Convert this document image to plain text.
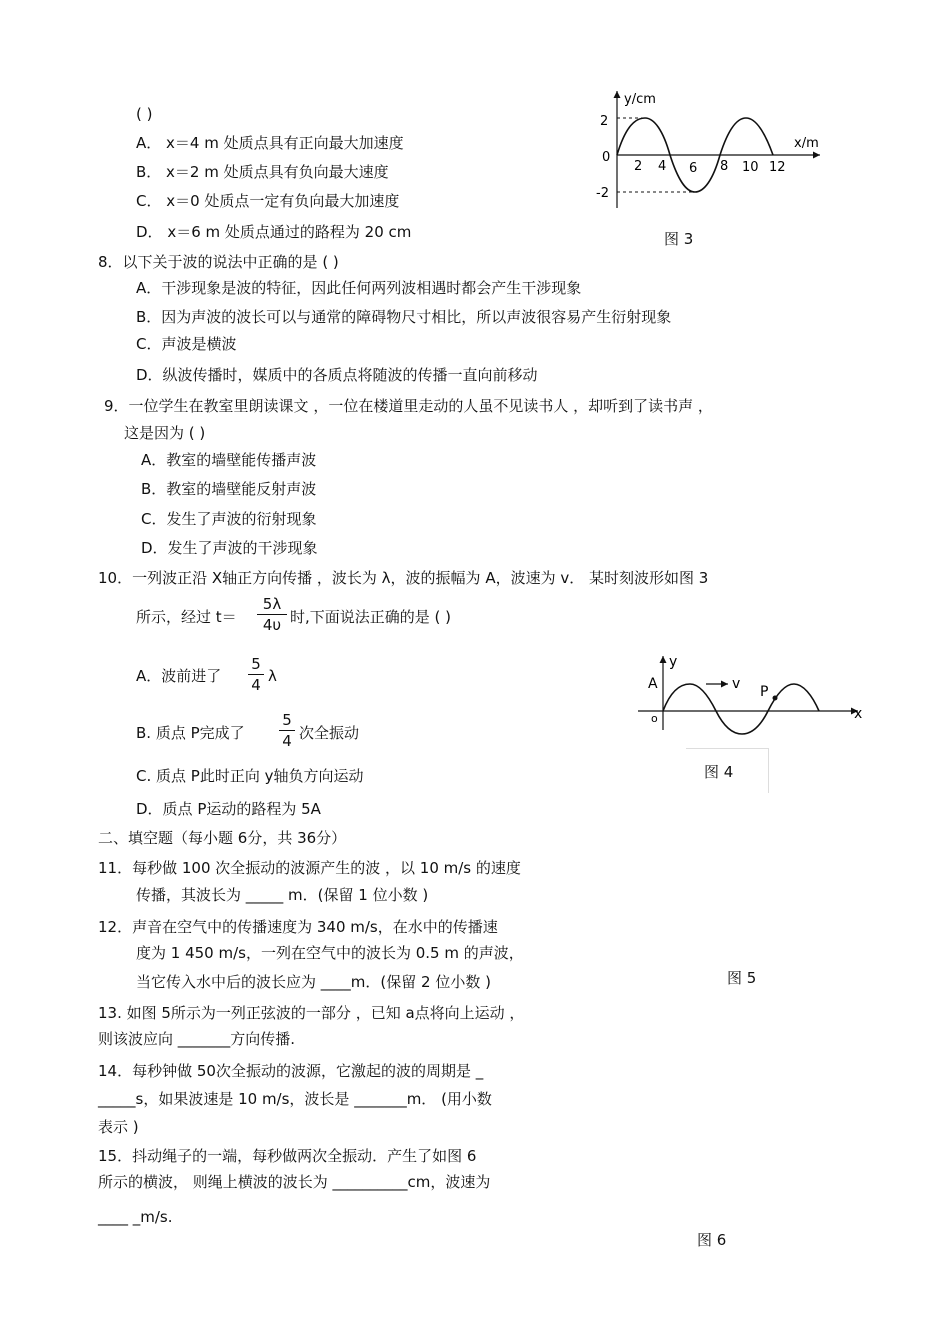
( )
A． x＝4 m 处质点具有正向最大加速度
B． x＝2 m 处质点具有负向最大速度
C． x＝0 处质点一定有负向最大加速度
D． x＝6 m 处质点通过的路程为 20 cm
y/cm
x/m
2
0
-2
2 4 6 8 10 12
图 3
8．以下关于波的说法中正确的是 ( )
A．干涉现象是波的特征，因此任何两列波相遇时都会产生干涉现象
B．因为声波的波长可以与通常的障碍物尺寸相比，所以声波很容易产生衍射现象
C．声波是横波
D．纵波传播时，媒质中的各质点将随波的传播一直向前移动
9．一位学生在教室里朗读课文 ，一位在楼道里走动的人虽不见读书人 ，却听到了读书声 ，
这是因为 ( )
A．教室的墙壁能传播声波
B．教室的墙壁能反射声波
C．发生了声波的衍射现象
D．发生了声波的干涉现象
10．一列波正沿 X轴正方向传播 ，波长为 λ，波的振幅为 A，波速为 v． 某时刻波形如图 3
所示，经过 t＝
5λ
4υ 时,下面说法正确的是 ( )
A．波前进了
5
4 λ
B. 质点 P完成了
5
4 次全振动
C. 质点 P此时正向 y轴负方向运动
D．质点 P运动的路程为 5A
y
x
A
o
v P
图 4
二、填空题（每小题 6分，共 36分）
11．每秒做 100 次全振动的波源产生的波 ，以 10 m/s 的速度
传播，其波长为 _____ m．(保留 1 位小数 )
12．声音在空气中的传播速度为 340 m/s，在水中的传播速
度为 1 450 m/s，一列在空气中的波长为 0.5 m 的声波，
当它传入水中后的波长应为 ____m．(保留 2 位小数 )	图 5
13. 如图 5所示为一列正弦波的一部分 ，已知 a点将向上运动 ，
则该波应向 _______方向传播.
14．每秒钟做 50次全振动的波源，它激起的波的周期是 _
_____s，如果波速是 10 m/s，波长是 _______m． (用小数
表示 )
15．抖动绳子的一端，每秒做两次全振动．产生了如图 6
所示的横波， 则绳上横波的波长为 __________cm，波速为
____ _m/s.
图 6
